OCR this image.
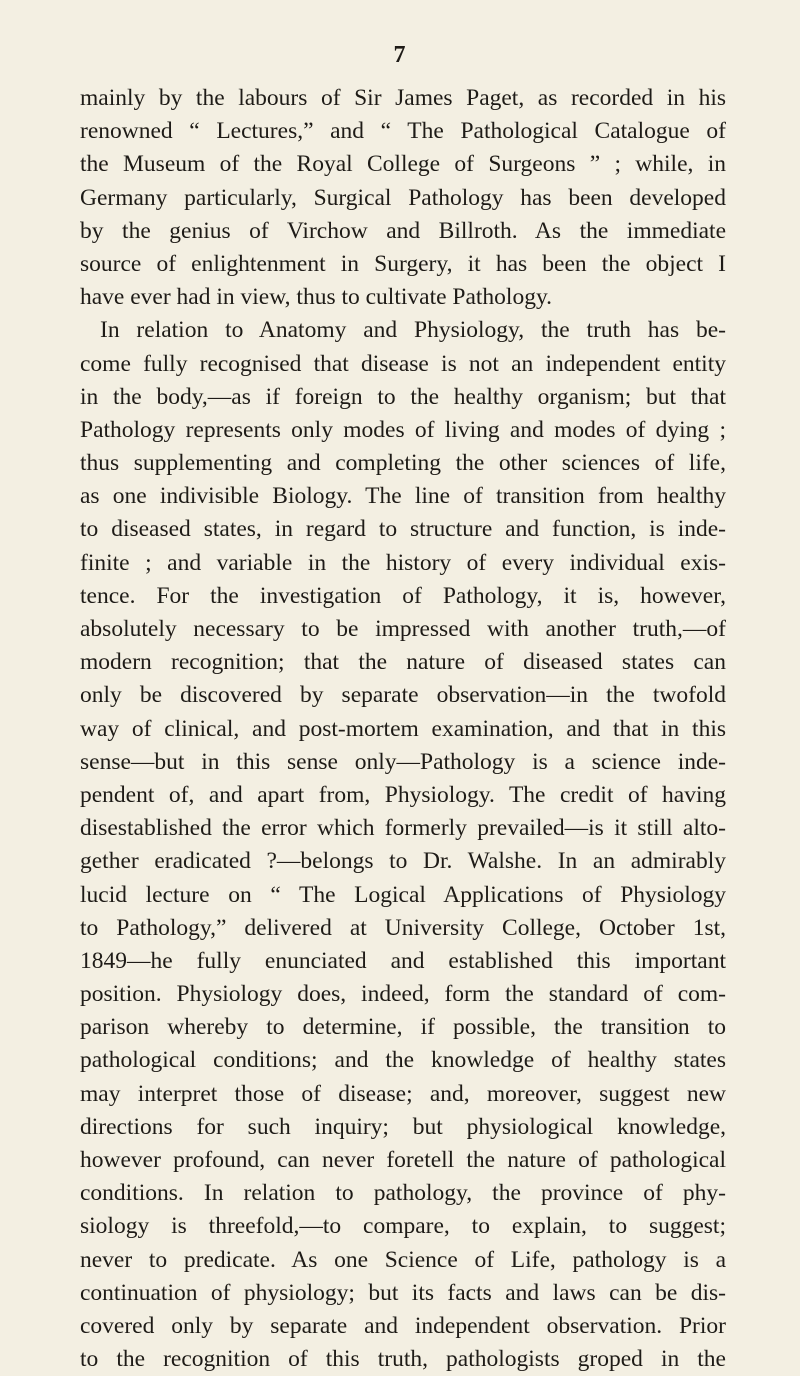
7
mainly by the labours of Sir James Paget, as recorded in his
renowned “ Lectures,” and “ The Pathological Catalogue of
the Museum of the Royal College of Surgeons ” ; while, in
Germany particularly, Surgical Pathology has been developed
by the genius of Virchow and Billroth. As the immediate
source of enlightenment in Surgery, it has been the object I
have ever had in view, thus to cultivate Pathology.
In relation to Anatomy and Physiology, the truth has be-
come fully recognised that disease is not an independent entity
in the body,—as if foreign to the healthy organism; but that
Pathology represents only modes of living and modes of dying ;
thus supplementing and completing the other sciences of life,
as one indivisible Biology. The line of transition from healthy
to diseased states, in regard to structure and function, is inde-
finite ; and variable in the history of every individual exis-
tence. For the investigation of Pathology, it is, however,
absolutely necessary to be impressed with another truth,—of
modern recognition; that the nature of diseased states can
only be discovered by separate observation—in the twofold
way of clinical, and post-mortem examination, and that in this
sense—but in this sense only—Pathology is a science inde-
pendent of, and apart from, Physiology. The credit of having
disestablished the error which formerly prevailed—is it still alto-
gether eradicated ?—belongs to Dr. Walshe. In an admirably
lucid lecture on “ The Logical Applications of Physiology
to Pathology,” delivered at University College, October 1st,
1849—he fully enunciated and established this important
position. Physiology does, indeed, form the standard of com-
parison whereby to determine, if possible, the transition to
pathological conditions; and the knowledge of healthy states
may interpret those of disease; and, moreover, suggest new
directions for such inquiry; but physiological knowledge,
however profound, can never foretell the nature of pathological
conditions. In relation to pathology, the province of phy-
siology is threefold,—to compare, to explain, to suggest;
never to predicate. As one Science of Life, pathology is a
continuation of physiology; but its facts and laws can be dis-
covered only by separate and independent observation. Prior
to the recognition of this truth, pathologists groped in the
